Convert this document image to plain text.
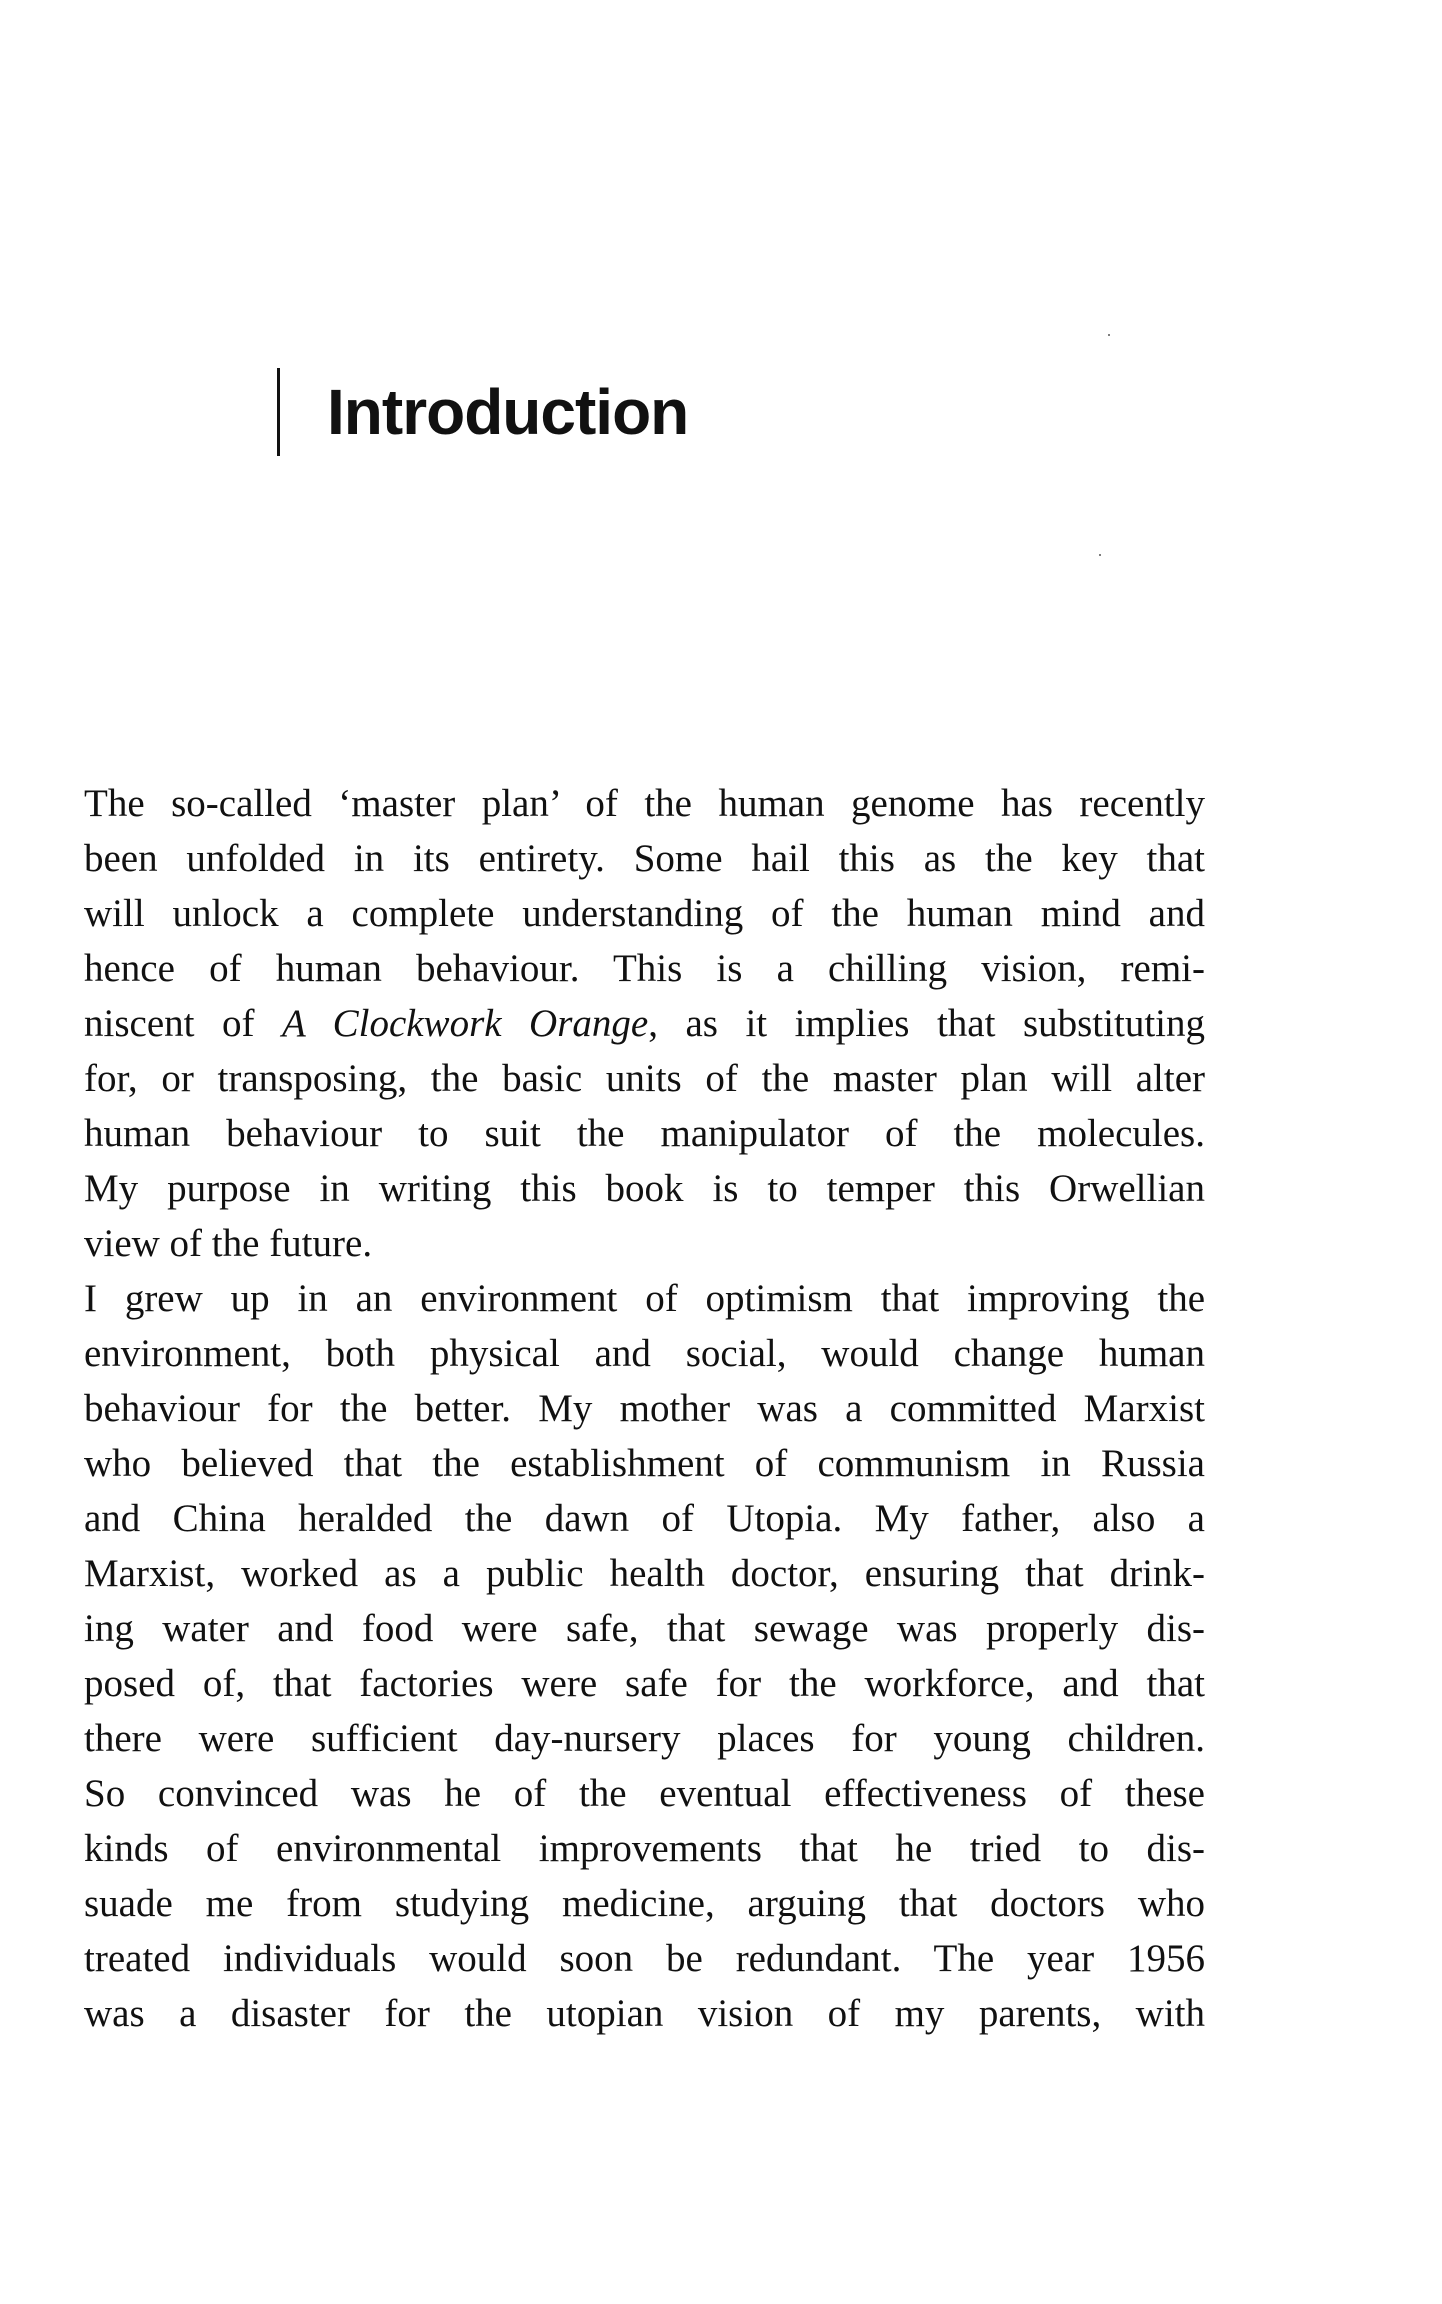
Introduction
The so-called ‘master plan’ of the human genome has recently
been unfolded in its entirety. Some hail this as the key that
will unlock a complete understanding of the human mind and
hence of human behaviour. This is a chilling vision, remi-
niscent of A Clockwork Orange, as it implies that substituting
for, or transposing, the basic units of the master plan will alter
human behaviour to suit the manipulator of the molecules.
My purpose in writing this book is to temper this Orwellian
view of the future.
I grew up in an environment of optimism that improving the
environment, both physical and social, would change human
behaviour for the better. My mother was a committed Marxist
who believed that the establishment of communism in Russia
and China heralded the dawn of Utopia. My father, also a
Marxist, worked as a public health doctor, ensuring that drink-
ing water and food were safe, that sewage was properly dis-
posed of, that factories were safe for the workforce, and that
there were sufficient day-nursery places for young children.
So convinced was he of the eventual effectiveness of these
kinds of environmental improvements that he tried to dis-
suade me from studying medicine, arguing that doctors who
treated individuals would soon be redundant. The year 1956
was a disaster for the utopian vision of my parents, with
